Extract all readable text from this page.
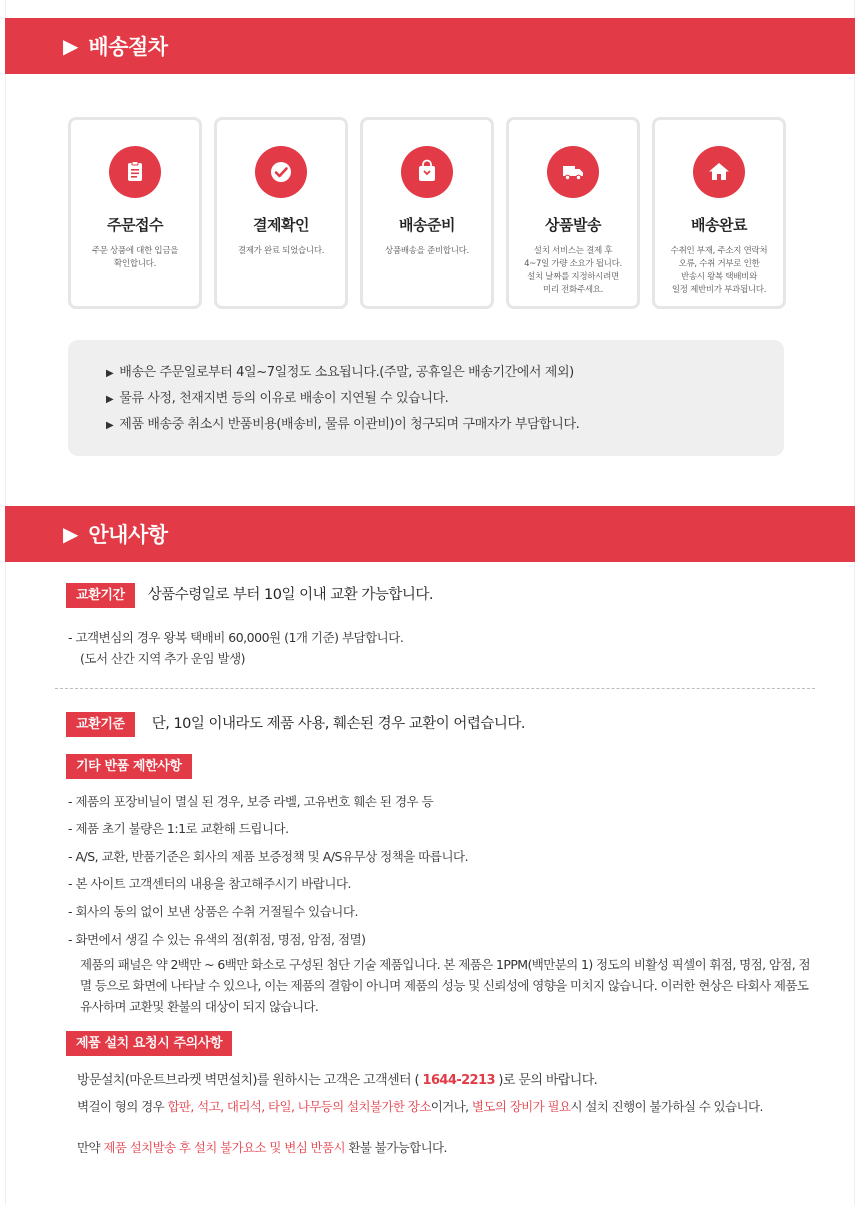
▶ 배송절차
주문접수
주문 상품에 대한 입금을
확인합니다.
결제확인
결제가 완료 되었습니다.
배송준비
상품배송을 준비합니다.
상품발송
설치 서비스는 결제 후
4~7일 가량 소요가 됩니다.
설치 날짜를 지정하시려면
미리 전화주세요.
배송완료
수취인 부재, 주소지 연락처
오류, 수취 거부로 인한
반송시 왕복 택배비와
일정 제반비가 부과됩니다.
▶ 배송은 주문일로부터 4일~7일정도 소요됩니다.(주말, 공휴일은 배송기간에서 제외)
▶ 물류 사정, 천재지변 등의 이유로 배송이 지연될 수 있습니다.
▶ 제품 배송중 취소시 반품비용(배송비, 물류 이관비)이 청구되며 구매자가 부담합니다.
▶ 안내사항
교환기간 상품수령일로 부터 10일 이내 교환 가능합니다.
- 고객변심의 경우 왕복 택배비 60,000원 (1개 기준) 부담합니다.
(도서 산간 지역 추가 운임 발생)
교환기준 단, 10일 이내라도 제품 사용, 훼손된 경우 교환이 어렵습니다.
기타 반품 제한사항
- 제품의 포장비닐이 멸실 된 경우, 보증 라벨, 고유번호 훼손 된 경우 등
- 제품 초기 불량은 1:1로 교환해 드립니다.
- A/S, 교환, 반품기준은 회사의 제품 보증정책 및 A/S유무상 정책을 따릅니다.
- 본 사이트 고객센터의 내용을 참고해주시기 바랍니다.
- 회사의 동의 없이 보낸 상품은 수취 거절될수 있습니다.
- 화면에서 생길 수 있는 유색의 점(휘점, 명점, 암점, 점멸)
제품의 패널은 약 2백만 ~ 6백만 화소로 구성된 첨단 기술 제품입니다. 본 제품은 1PPM(백만분의 1) 정도의 비활성 픽셀이 휘점, 명점, 암점, 점멸 등으로 화면에 나타날 수 있으나, 이는 제품의 결함이 아니며 제품의 성능 및 신뢰성에 영향을 미치지 않습니다. 이러한 현상은 타회사 제품도 유사하며 교환및 환불의 대상이 되지 않습니다.
제품 설치 요청시 주의사항
방문설치(마운트브라켓 벽면설치)를 원하시는 고객은 고객센터 ( 1644-2213 )로 문의 바랍니다.
벽걸이 형의 경우 합판, 석고, 대리석, 타일, 나무등의 설치불가한 장소이거나, 별도의 장비가 필요시 설치 진행이 불가하실 수 있습니다.
만약 제품 설치발송 후 설치 불가요소 및 변심 반품시 환불 불가능합니다.
